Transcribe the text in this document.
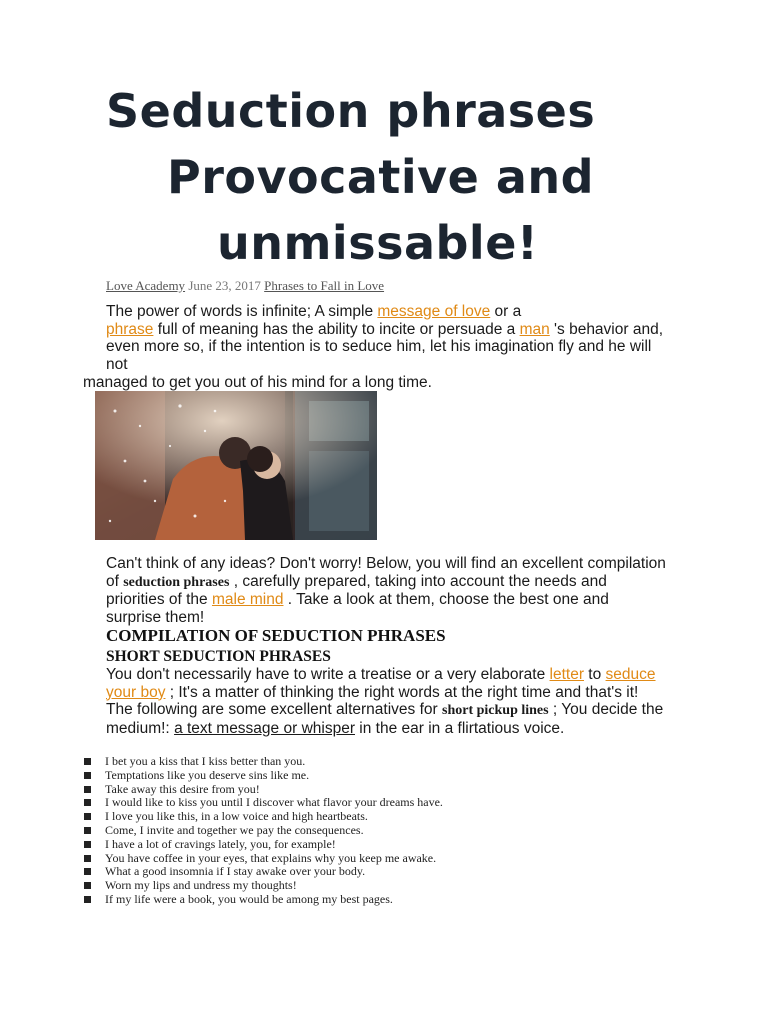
Seduction phrases
Provocative and
unmissable!
Love Academy June 23, 2017 Phrases to Fall in Love
The power of words is infinite; A simple message of love or a
phrase full of meaning has the ability to incite or persuade a man 's behavior and, even more so, if the intention is to seduce him, let his imagination fly and he will not
managed to get you out of his mind for a long time.
Can't think of any ideas? Don't worry! Below, you will find an excellent compilation of seduction phrases , carefully prepared, taking into account the needs and priorities of the male mind . Take a look at them, choose the best one and surprise them!
COMPILATION OF SEDUCTION PHRASES
SHORT SEDUCTION PHRASES
You don't necessarily have to write a treatise or a very elaborate letter to seduce your boy ; It's a matter of thinking the right words at the right time and that's it! The following are some excellent alternatives for short pickup lines ; You decide the medium!: a text message or whisper in the ear in a flirtatious voice.
I bet you a kiss that I kiss better than you.
Temptations like you deserve sins like me.
Take away this desire from you!
I would like to kiss you until I discover what flavor your dreams have.
I love you like this, in a low voice and high heartbeats.
Come, I invite and together we pay the consequences.
I have a lot of cravings lately, you, for example!
You have coffee in your eyes, that explains why you keep me awake.
What a good insomnia if I stay awake over your body.
Worn my lips and undress my thoughts!
If my life were a book, you would be among my best pages.
